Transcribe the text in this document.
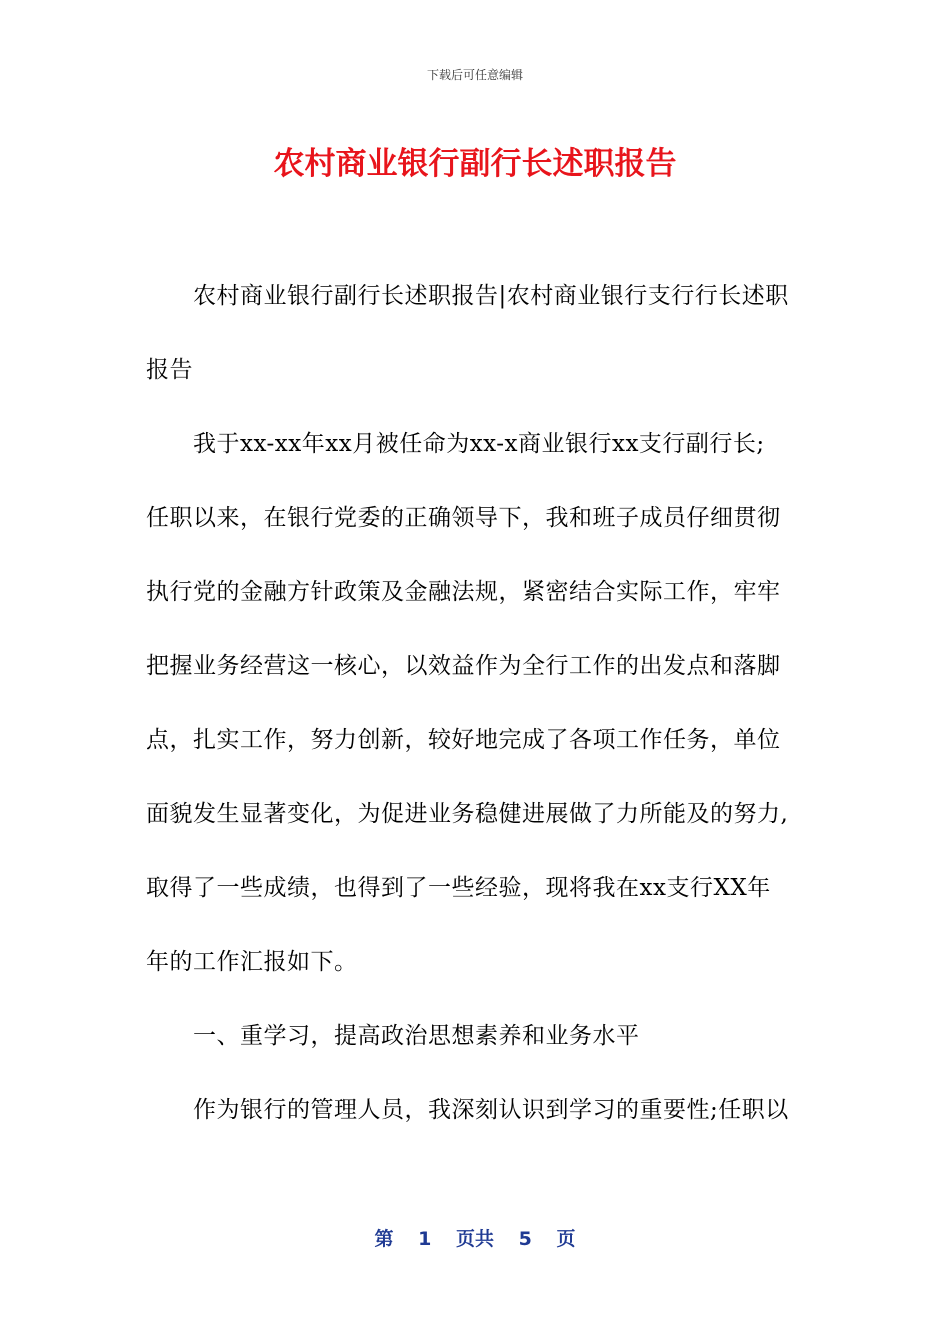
下载后可任意编辑
农村商业银行副行长述职报告
农村商业银行副行长述职报告|农村商业银行支行行长述职
报告
我于xx-xx年xx月被任命为xx-x商业银行xx支行副行长;
任职以来，在银行党委的正确领导下，我和班子成员仔细贯彻
执行党的金融方针政策及金融法规，紧密结合实际工作，牢牢
把握业务经营这一核心，以效益作为全行工作的出发点和落脚
点，扎实工作，努力创新，较好地完成了各项工作任务，单位
面貌发生显著变化，为促进业务稳健进展做了力所能及的努力,
取得了一些成绩，也得到了一些经验，现将我在xx支行XX年
年的工作汇报如下。
一、重学习，提高政治思想素养和业务水平
作为银行的管理人员，我深刻认识到学习的重要性;任职以
第 1 页共 5 页
